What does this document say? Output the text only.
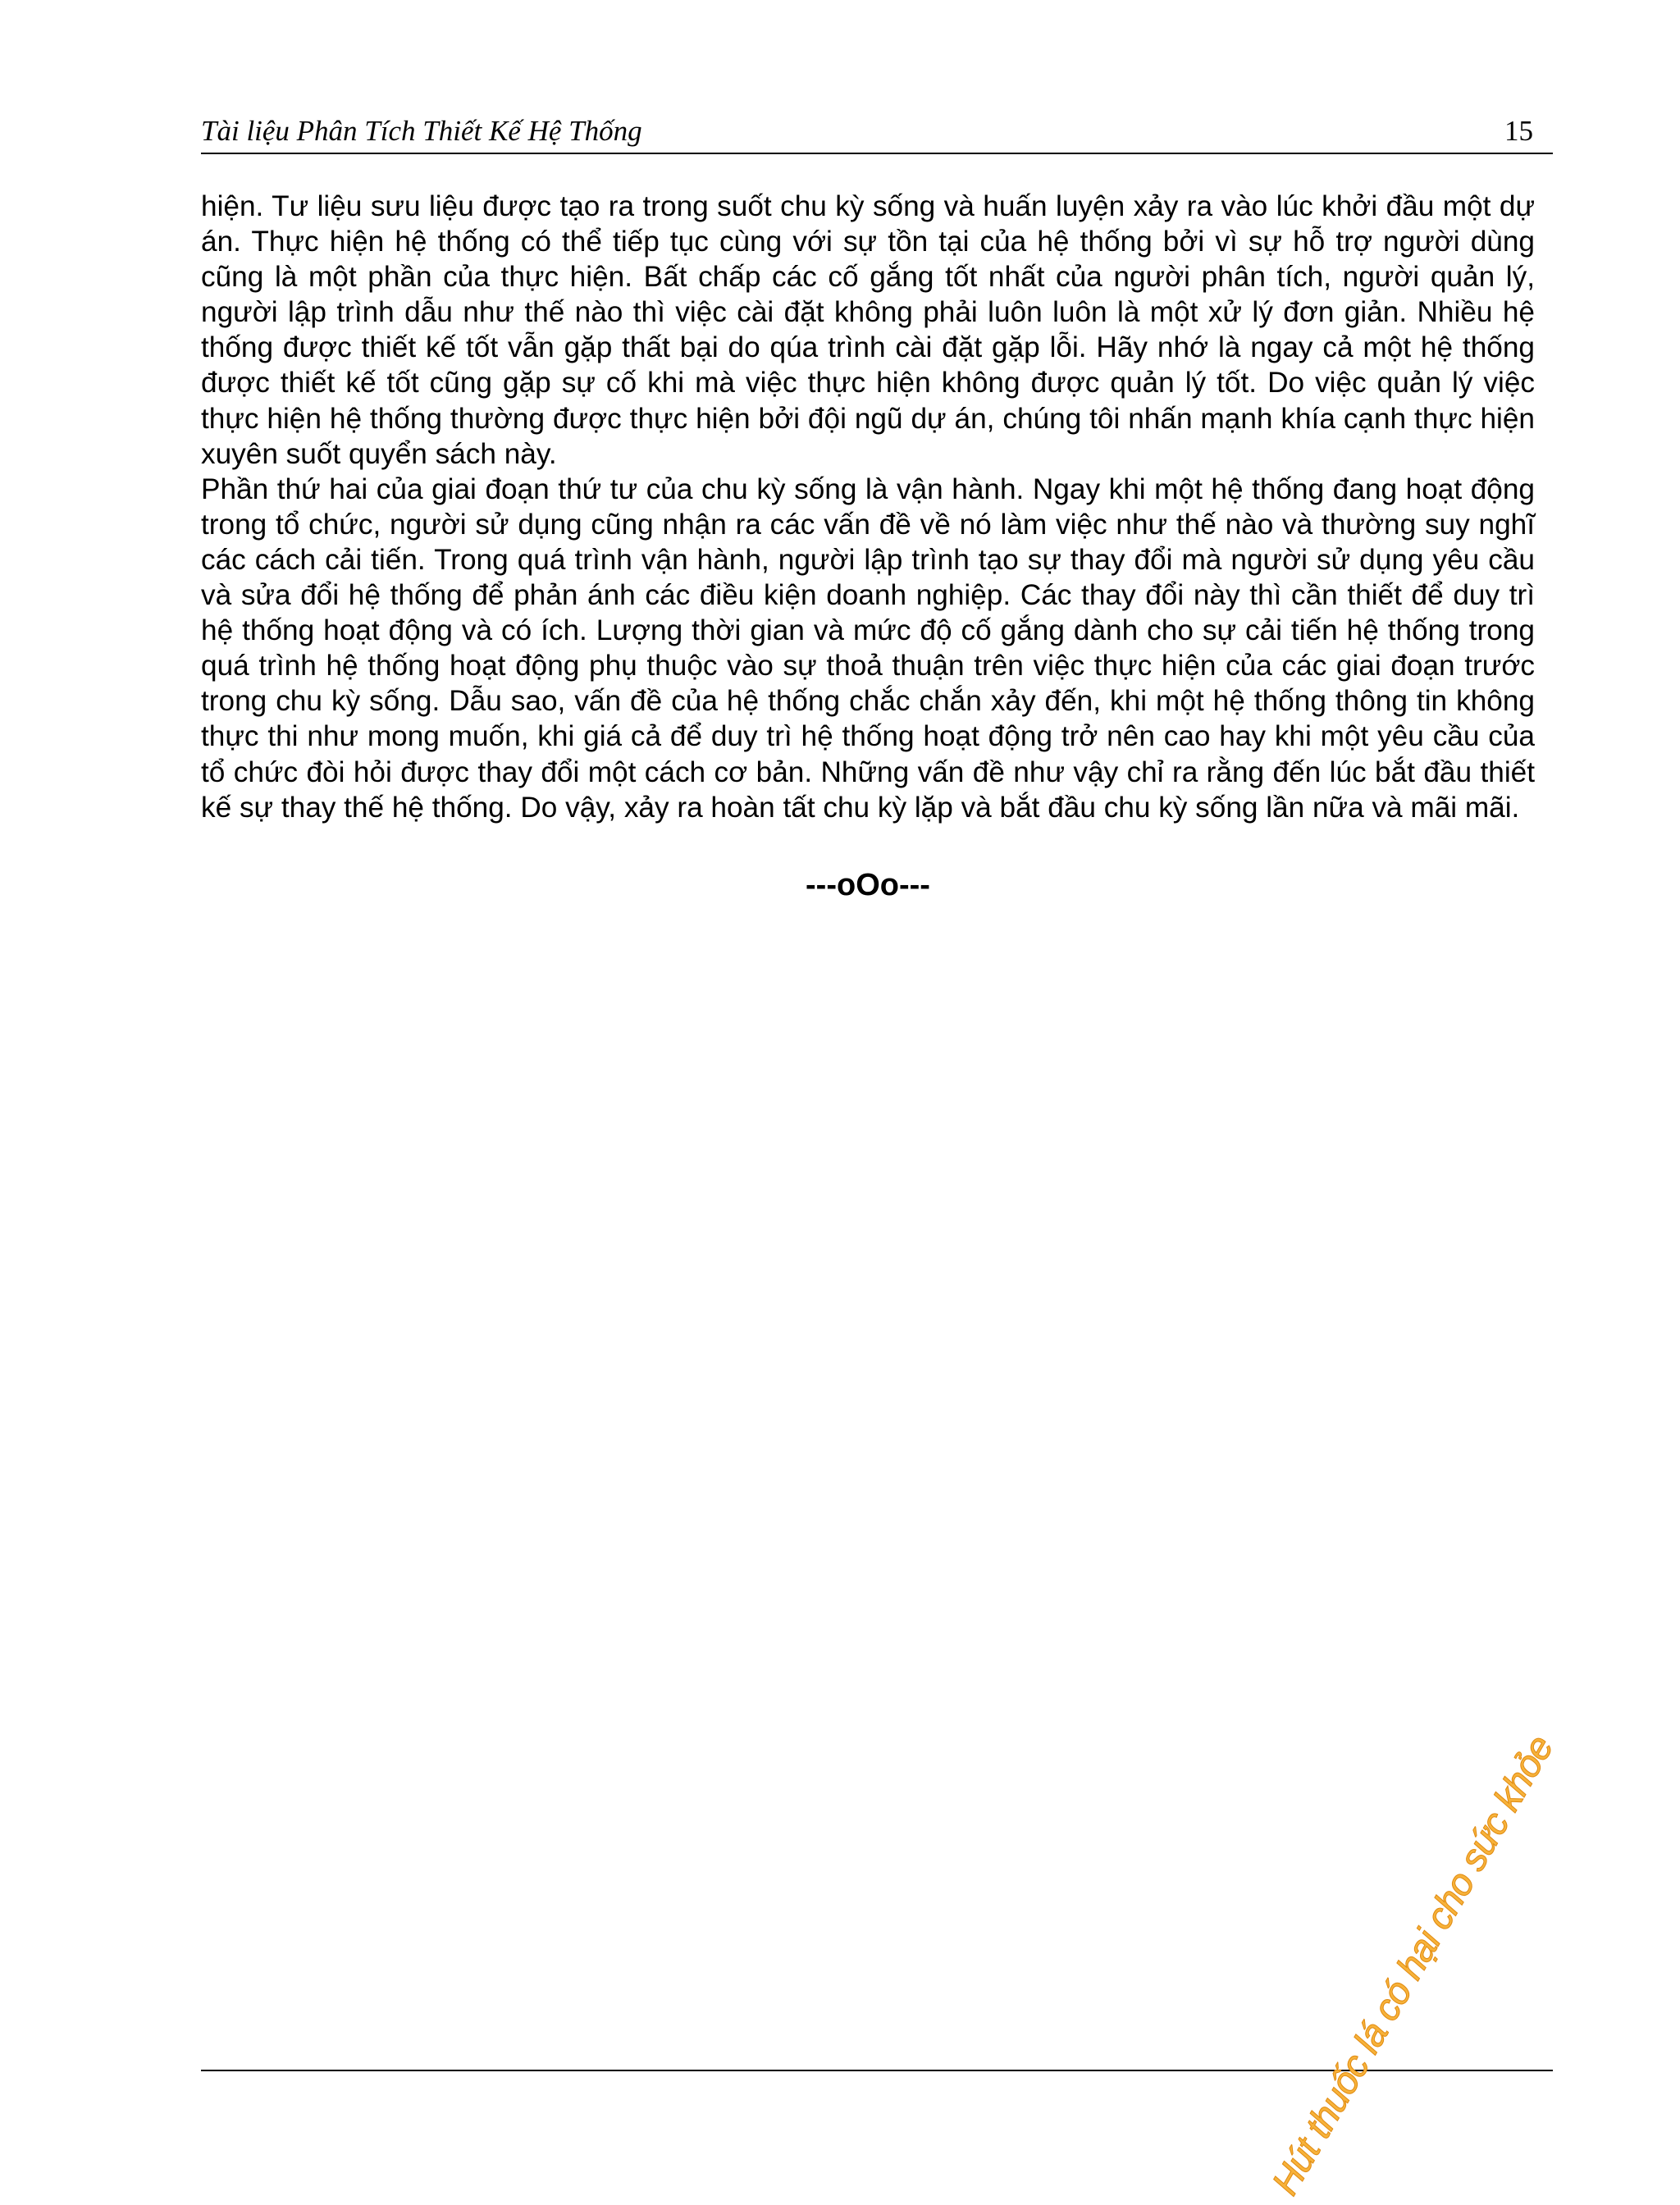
Tài liệu Phân Tích Thiết Kế Hệ Thống	15

hiện. Tư liệu sưu liệu được tạo ra trong suốt chu kỳ sống và huấn luyện xảy ra vào lúc khởi đầu một dự án. Thực hiện hệ thống có thể tiếp tục cùng với sự tồn tại của hệ thống bởi vì sự hỗ trợ người dùng cũng là một phần của thực hiện. Bất chấp các cố gắng tốt nhất của người phân tích, người quản lý, người lập trình dẫu như thế nào thì việc cài đặt không phải luôn luôn là một xử lý đơn giản. Nhiều hệ thống được thiết kế tốt vẫn gặp thất bại do qúa trình cài đặt gặp lỗi. Hãy nhớ là ngay cả một hệ thống được thiết kế tốt cũng gặp sự cố khi mà việc thực hiện không được quản lý tốt. Do việc quản lý việc thực hiện hệ thống thường được thực hiện bởi đội ngũ dự án, chúng tôi nhấn mạnh khía cạnh thực hiện xuyên suốt quyển sách này.

Phần thứ hai của giai đoạn thứ tư của chu kỳ sống là vận hành. Ngay khi một hệ thống đang hoạt động trong tổ chức, người sử dụng cũng nhận ra các vấn đề về nó làm việc như thế nào và thường suy nghĩ các cách cải tiến. Trong quá trình vận hành, người lập trình tạo sự thay đổi mà người sử dụng yêu cầu và sửa đổi hệ thống để phản ánh các điều kiện doanh nghiệp. Các thay đổi này thì cần thiết để duy trì hệ thống hoạt động và có ích. Lượng thời gian và mức độ cố gắng dành cho sự cải tiến hệ thống trong quá trình hệ thống hoạt động phụ thuộc vào sự thoả thuận trên việc thực hiện của các giai đoạn trước trong chu kỳ sống. Dẫu sao, vấn đề của hệ thống chắc chắn xảy đến, khi một hệ thống thông tin không thực thi như mong muốn, khi giá cả để duy trì hệ thống hoạt động trở nên cao hay khi một yêu cầu của tổ chức đòi hỏi được thay đổi một cách cơ bản. Những vấn đề như vậy chỉ ra rằng đến lúc bắt đầu thiết kế sự thay thế hệ thống. Do vậy, xảy ra hoàn tất chu kỳ lặp và bắt đầu chu kỳ sống lần nữa và mãi mãi.

---oOo---
Hút thuốc lá có hại cho sức khỏe
